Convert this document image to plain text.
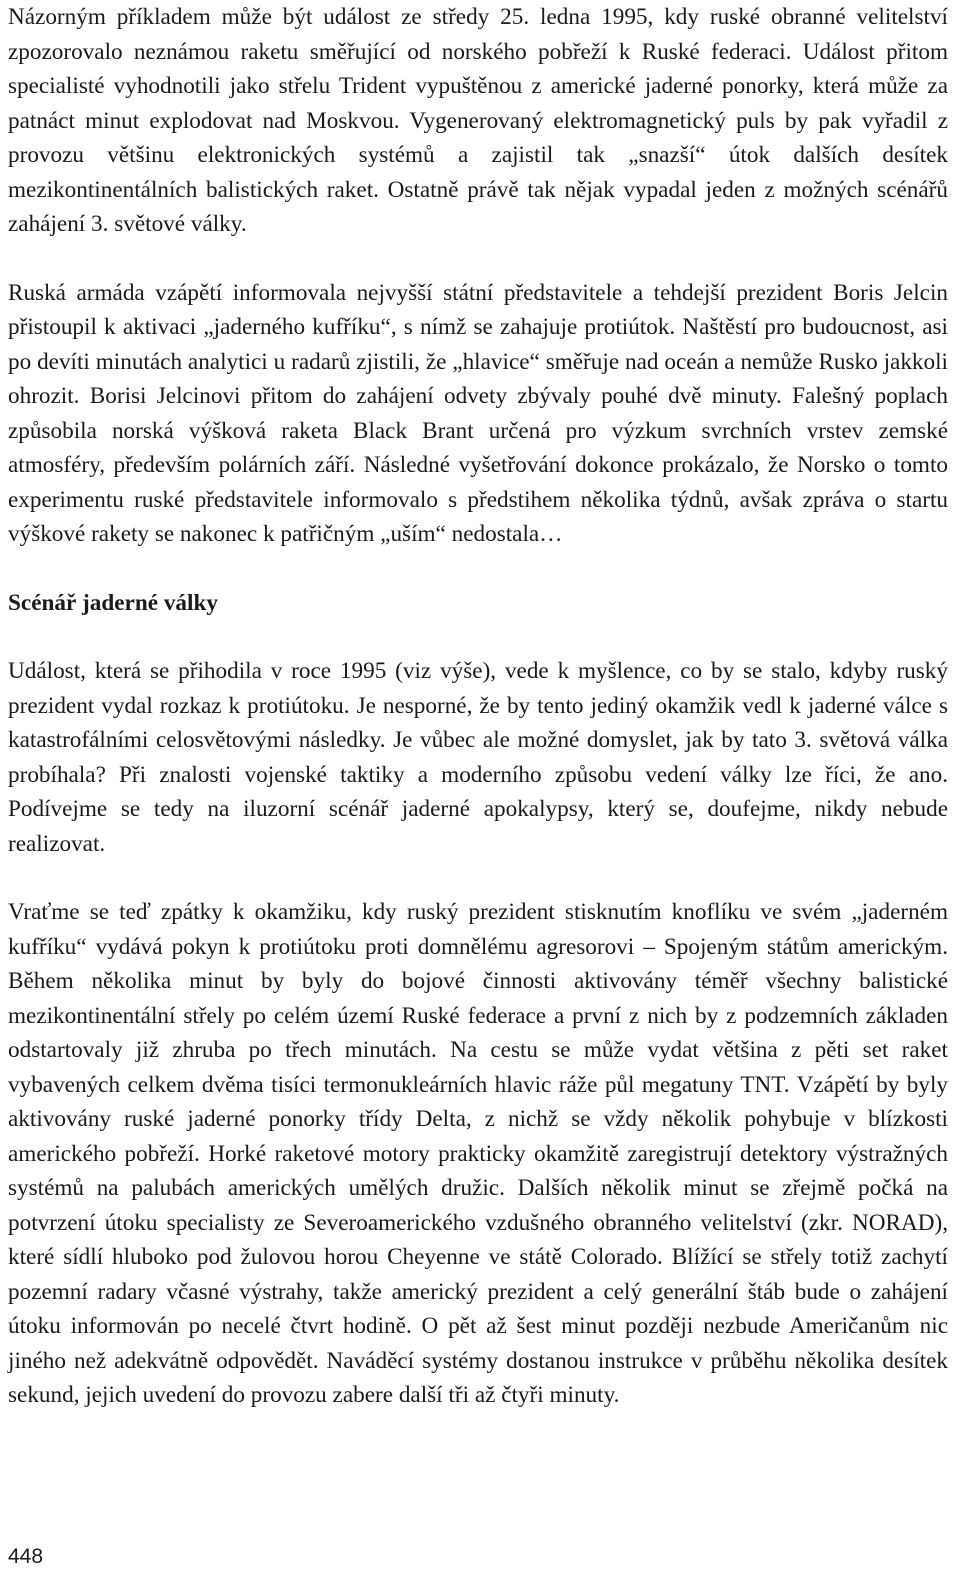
Názorným příkladem může být událost ze středy 25. ledna 1995, kdy ruské obranné velitelství zpozorovalo neznámou raketu směřující od norského pobřeží k Ruské federaci. Událost přitom specialisté vyhodnotili jako střelu Trident vypuštěnou z americké jaderné ponorky, která může za patnáct minut explodovat nad Moskvou. Vygenerovaný elektromagnetický puls by pak vyřadil z provozu většinu elektronických systémů a zajistil tak „snazší“ útok dalších desítek mezikontinentálních balistických raket. Ostatně právě tak nějak vypadal jeden z možných scénářů zahájení 3. světové války.

Ruská armáda vzápětí informovala nejvyšší státní představitele a tehdejší prezident Boris Jelcin přistoupil k aktivaci „jaderného kufříku“, s nímž se zahajuje protiútok. Naštěstí pro budoucnost, asi po devíti minutách analytici u radarů zjistili, že „hlavice“ směřuje nad oceán a nemůže Rusko jakkoli ohrozit. Borisi Jelcinovi přitom do zahájení odvety zbývaly pouhé dvě minuty. Falešný poplach způsobila norská výšková raketa Black Brant určená pro výzkum svrchních vrstev zemské atmosféry, především polárních září. Následné vyšetřování dokonce prokázalo, že Norsko o tomto experimentu ruské představitele informovalo s předstihem několika týdnů, avšak zpráva o startu výškové rakety se nakonec k patřičným „uším“ nedostala…

Scénář jaderné války

Událost, která se přihodila v roce 1995 (viz výše), vede k myšlence, co by se stalo, kdyby ruský prezident vydal rozkaz k protiútoku. Je nesporné, že by tento jediný okamžik vedl k jaderné válce s katastrofálními celosvětovými následky. Je vůbec ale možné domyslet, jak by tato 3. světová válka probíhala? Při znalosti vojenské taktiky a moderního způsobu vedení války lze říci, že ano. Podívejme se tedy na iluzorní scénář jaderné apokalypsy, který se, doufejme, nikdy nebude realizovat.

Vraťme se teď zpátky k okamžiku, kdy ruský prezident stisknutím knoflíku ve svém „jaderném kufříku“ vydává pokyn k protiútoku proti domnělému agresorovi – Spojeným státům americkým. Během několika minut by byly do bojové činnosti aktivovány téměř všechny balistické mezikontinentální střely po celém území Ruské federace a první z nich by z podzemních základen odstartovaly již zhruba po třech minutách. Na cestu se může vydat většina z pěti set raket vybavených celkem dvěma tisíci termonukleárních hlavic ráže půl megatuny TNT. Vzápětí by byly aktivovány ruské jaderné ponorky třídy Delta, z nichž se vždy několik pohybuje v blízkosti amerického pobřeží. Horké raketové motory prakticky okamžitě zaregistrují detektory výstražných systémů na palubách amerických umělých družic. Dalších několik minut se zřejmě počká na potvrzení útoku specialisty ze Severoamerického vzdušného obranného velitelství (zkr. NORAD), které sídlí hluboko pod žulovou horou Cheyenne ve státě Colorado. Blížící se střely totiž zachytí pozemní radary včasné výstrahy, takže americký prezident a celý generální štáb bude o zahájení útoku informován po necelé čtvrt hodině. O pět až šest minut později nezbude Američanům nic jiného než adekvátně odpovědět. Naváděcí systémy dostanou instrukce v průběhu několika desítek sekund, jejich uvedení do provozu zabere další tři až čtyři minuty.

448
